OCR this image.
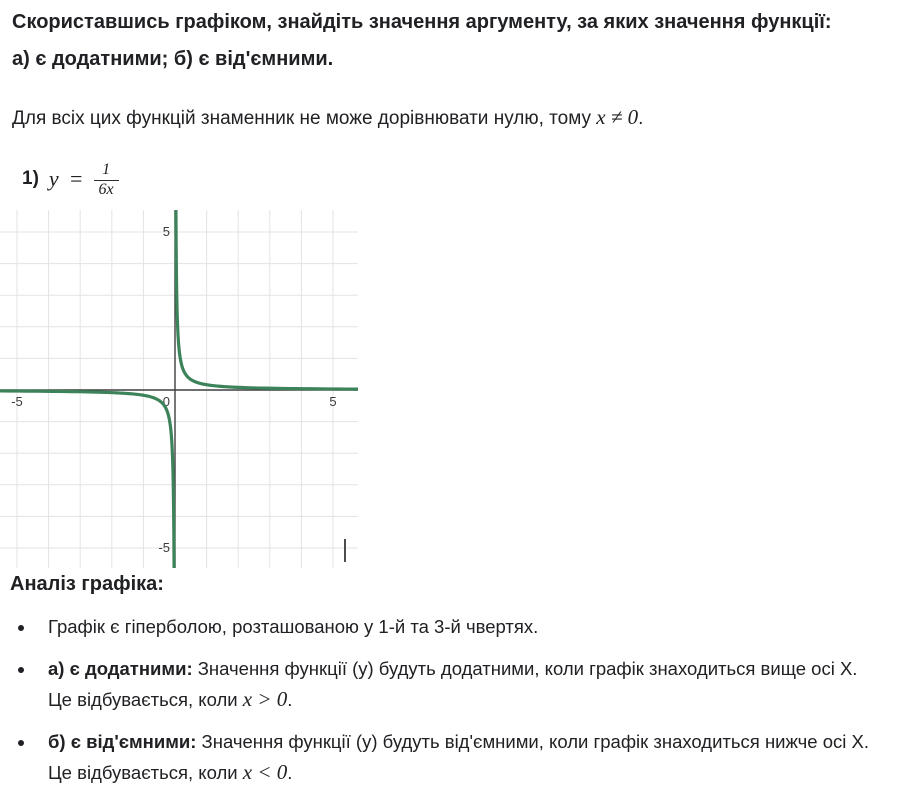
Скориставшись графіком, знайдіть значення аргументу, за яких значення функції:
а) є додатними; б) є від'ємними.

Для всіх цих функцій знаменник не може дорівнювати нулю, тому x ≠ 0.

1) $y = \frac{1}{6x}$
-5	0	5
5
-5

Аналіз графіка:

• Графік є гіперболою, розташованою у 1-й та 3-й чвертях.
• а) є додатними: Значення функції (y) будуть додатними, коли графік знаходиться вище осі X.
Це відбувається, коли x > 0.
• б) є від'ємними: Значення функції (y) будуть від'ємними, коли графік знаходиться нижче осі X.
Це відбувається, коли x < 0.
